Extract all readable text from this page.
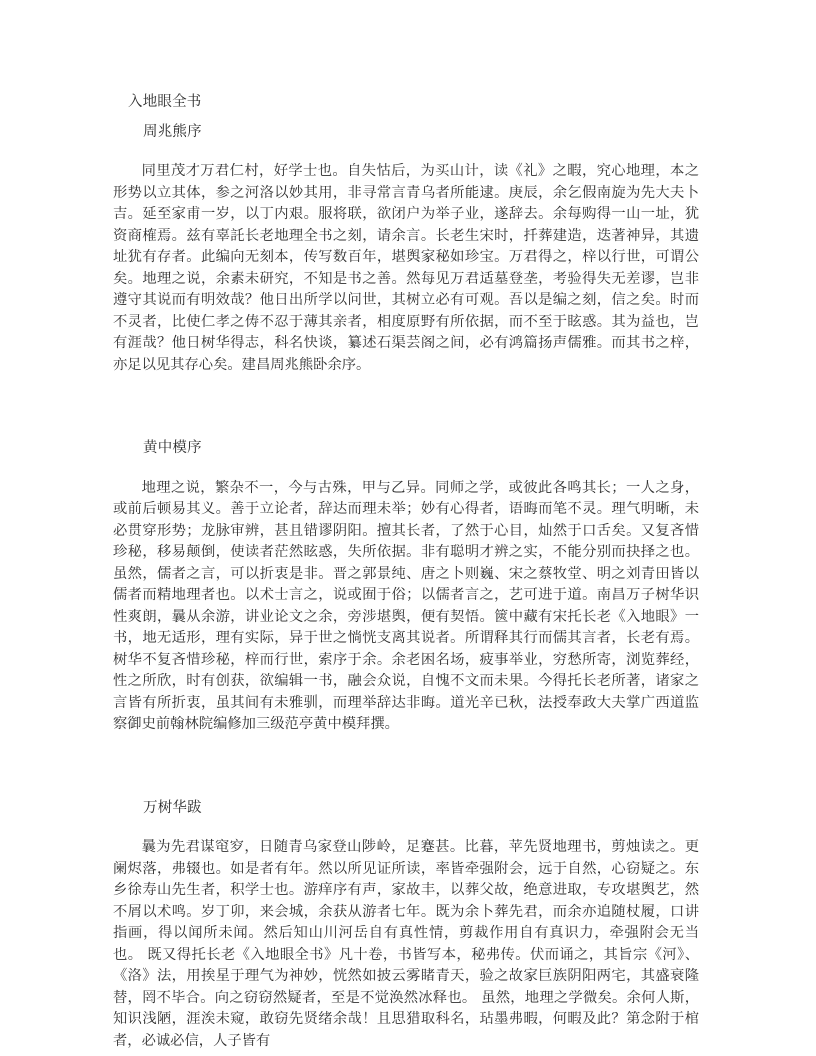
入地眼全书
周兆熊序
同里茂才万君仁村，好学士也。自失怙后，为买山计，读《礼》之暇，究心地理，本之形势以立其体，参之河洛以妙其用，非寻常言青乌者所能逮。庚辰，余乞假南旋为先大夫卜吉。延至家甫一岁，以丁内艰。服将联，欲闭户为举子业，遂辞去。余每购得一山一址，犹资商榷焉。兹有辜託长老地理全书之刻，请余言。长老生宋时，扦葬建造，迭著神异，其遗址犹有存者。此编向无刻本，传写数百年，堪舆家秘如珍宝。万君得之，梓以行世，可谓公矣。地理之说，余素未研究，不知是书之善。然每见万君适墓登垄，考验得失无差谬，岂非遵守其说而有明效哉？他日出所学以问世，其树立必有可观。吾以是编之刻，信之矣。时而不灵者，比使仁孝之俦不忍于薄其亲者，相度原野有所依据，而不至于眩惑。其为益也，岂有涯哉？他日树华得志，科名快谈，纂述石渠芸阁之间，必有鸿篇扬声儒雅。而其书之梓，亦足以见其存心矣。建昌周兆熊卧余序。
黄中模序
地理之说，繁杂不一，今与古殊，甲与乙异。同师之学，或彼此各鸣其长；一人之身，或前后顿易其义。善于立论者，辞达而理未举；妙有心得者，语晦而笔不灵。理气明晰，未必贯穿形势；龙脉审辨，甚且错谬阴阳。擅其长者，了然于心目，灿然于口舌矣。又复吝惜珍秘，移易颠倒，使读者茫然眩惑，失所依据。非有聪明才辨之实，不能分别而抉择之也。 虽然，儒者之言，可以折衷是非。晋之郭景纯、唐之卜则巍、宋之蔡牧堂、明之刘青田皆以儒者而精地理者也。以术士言之，说或囿于俗；以儒者言之，艺可进于道。南昌万子树华识性爽朗，曩从余游，讲业论文之余，旁涉堪舆，便有契悟。篋中藏有宋托长老《入地眼》一书，地无适形，理有实际，异于世之惝恍支离其说者。所谓释其行而儒其言者，长老有焉。树华不复吝惜珍秘，梓而行世，索序于余。余老困名场，疲事举业，穷愁所寄，浏览葬经，性之所欣，时有创获，欲编辑一书，融会众说，自愧不文而未果。今得托长老所著，诸家之言皆有所折衷，虽其间有未雅驯，而理举辞达非晦。道光辛已秋，法授奉政大夫掌广西道监察御史前翰林院编修加三级范亭黄中模拜撰。
万树华跋
曩为先君谋窀穸，日随青乌家登山陟岭，足蹇甚。比暮，苹先贤地理书，剪烛读之。更阑烬落，弗辍也。如是者有年。然以所见证所读，率皆牵强附会，远于自然，心窃疑之。东乡徐寿山先生者，积学士也。游痒序有声，家故丰，以葬父故，绝意进取，专攻堪舆艺，然不屑以术鸣。岁丁卯，来会城，余获从游者七年。既为余卜葬先君，而余亦追随杖履，口讲指画，得以闻所未闻。然后知山川河岳自有真性情，剪裁作用自有真识力，牵强附会无当也。 既又得托长老《入地眼全书》凡十卷，书皆写本，秘弗传。伏而诵之，其旨宗《河》、《洛》法，用挨星于理气为神妙，恍然如披云雾睹青天，验之故家巨族阴阳两宅，其盛衰隆替，罔不毕合。向之窃窃然疑者，至是不觉涣然冰释也。 虽然，地理之学微矣。余何人斯，知识浅陋，涯涘未窥，敢窃先贤绪余哉！且思猎取科名，玷墨弗暇，何暇及此？第念附于棺者，必诚必信，人子皆有
